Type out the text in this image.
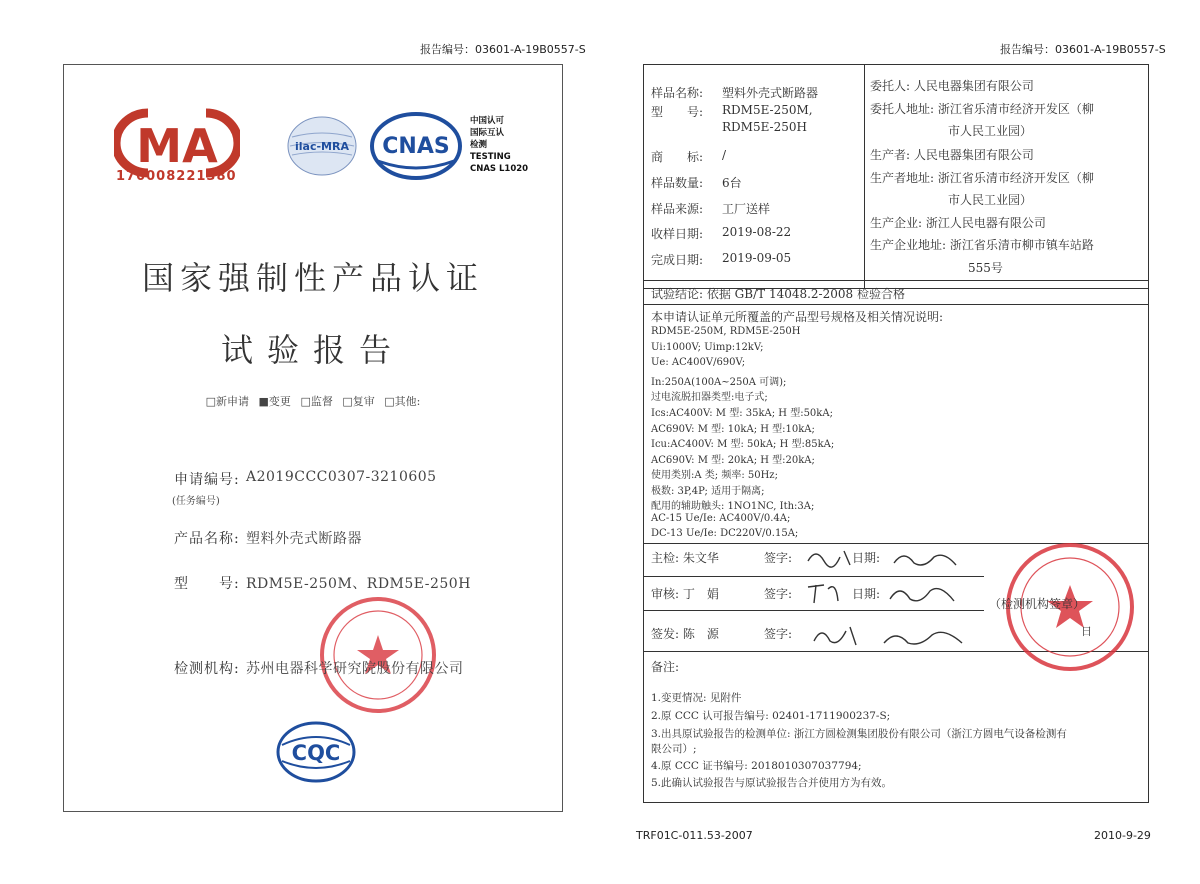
报告编号：03601-A-19B0557-S	报告编号：03601-A-19B0557-S
MA
170008221380
ilac-MRA CNAS
中国认可
国际互认
检测
TESTING
CNAS L1020
国家强制性产品认证
试验报告
□新申请 ■变更 □监督 □复审 □其他:
申请编号: A2019CCC0307-3210605
(任务编号)
产品名称: 塑料外壳式断路器
型　　号: RDM5E-250M、RDM5E-250H
检测机构: 苏州电器科学研究院股份有限公司
CQC
样品名称: 塑料外壳式断路器
型　　号: RDM5E-250M,
RDM5E-250H
商　　标: /
样品数量: 6台
样品来源: 工厂送样
收样日期: 2019-08-22
完成日期: 2019-09-05
委托人: 人民电器集团有限公司
委托人地址: 浙江省乐清市经济开发区（柳
市人民工业园）
生产者: 人民电器集团有限公司
生产者地址: 浙江省乐清市经济开发区（柳
市人民工业园）
生产企业: 浙江人民电器有限公司
生产企业地址: 浙江省乐清市柳市镇车站路
555号
试验结论: 依据 GB/T 14048.2-2008 检验合格
本申请认证单元所覆盖的产品型号规格及相关情况说明:
RDM5E-250M, RDM5E-250H
Ui:1000V; Uimp:12kV;
Ue: AC400V/690V;
In:250A(100A~250A 可调);
过电流脱扣器类型:电子式;
Ics:AC400V: M 型: 35kA; H 型:50kA;
AC690V: M 型: 10kA; H 型:10kA;
Icu:AC400V: M 型: 50kA; H 型:85kA;
AC690V: M 型: 20kA; H 型:20kA;
使用类别:A 类; 频率: 50Hz;
极数: 3P,4P; 适用于隔离;
配用的辅助触头: 1NO1NC, Ith:3A;
AC-15 Ue/Ie: AC400V/0.4A;
DC-13 Ue/Ie: DC220V/0.15A;
主检: 朱文华	签字:	日期:
审核: 丁　娟	签字:	日期:
签发: 陈　源	签字:
（检测机构签章）
日
备注:
1.变更情况: 见附件
2.原 CCC 认可报告编号: 02401-1711900237-S;
3.出具原试验报告的检测单位: 浙江方圆检测集团股份有限公司（浙江方圆电气设备检测有
限公司）;
4.原 CCC 证书编号: 2018010307037794;
5.此确认试验报告与原试验报告合并使用方为有效。
TRF01C-011.53-2007	2010-9-29
